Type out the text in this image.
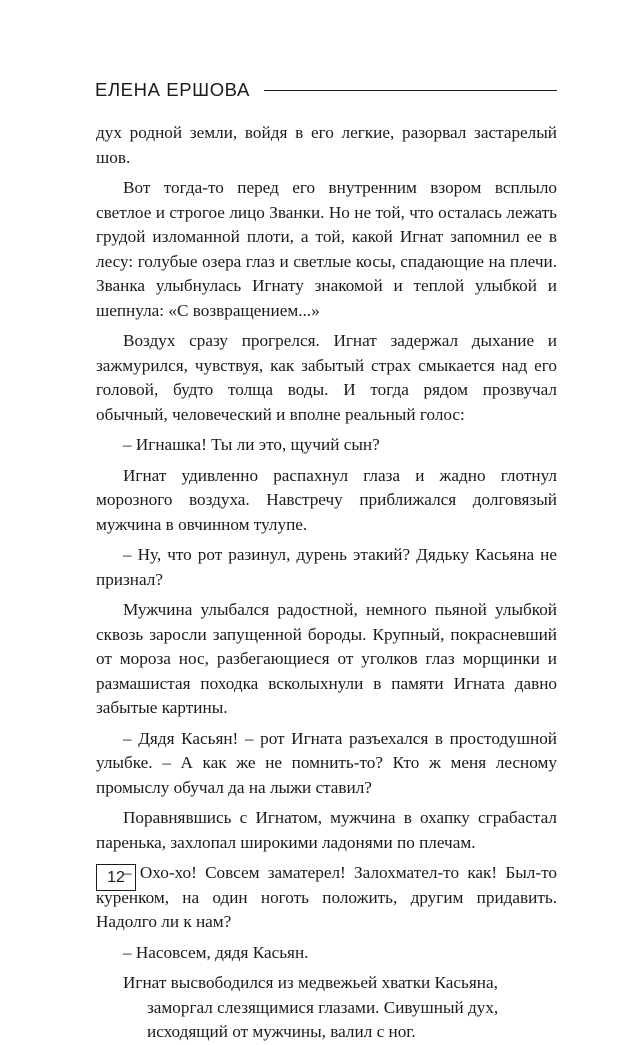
ЕЛЕНА ЕРШОВА

дух родной земли, войдя в его легкие, разорвал застарелый шов.

Вот тогда-то перед его внутренним взором всплыло светлое и строгое лицо Званки. Но не той, что осталась лежать грудой изломанной плоти, а той, какой Игнат запомнил ее в лесу: голубые озера глаз и светлые косы, спадающие на плечи. Званка улыбнулась Игнату знакомой и теплой улыбкой и шепнула: «С возвращением...»

Воздух сразу прогрелся. Игнат задержал дыхание и зажмурился, чувствуя, как забытый страх смыкается над его головой, будто толща воды. И тогда рядом прозвучал обычный, человеческий и вполне реальный голос:

– Игнашка! Ты ли это, щучий сын?

Игнат удивленно распахнул глаза и жадно глотнул морозного воздуха. Навстречу приближался долговязый мужчина в овчинном тулупе.

– Ну, что рот разинул, дурень этакий? Дядьку Касьяна не признал?

Мужчина улыбался радостной, немного пьяной улыбкой сквозь заросли запущенной бороды. Крупный, покрасневший от мороза нос, разбегающиеся от уголков глаз морщинки и размашистая походка всколыхнули в памяти Игната давно забытые картины.

– Дядя Касьян! – рот Игната разъехался в простодушной улыбке. – А как же не помнить-то? Кто ж меня лесному промыслу обучал да на лыжи ставил?

Поравнявшись с Игнатом, мужчина в охапку сграбастал паренька, захлопал широкими ладонями по плечам.

– Охо-хо! Совсем заматерел! Залохмател-то как! Был-то куренком, на один ноготь положить, другим придавить. Надолго ли к нам?

– Насовсем, дядя Касьян.

Игнат высвободился из медвежьей хватки Касьяна,
заморгал слезящимися глазами. Сивушный дух,
исходящий от мужчины, валил с ног.

12
